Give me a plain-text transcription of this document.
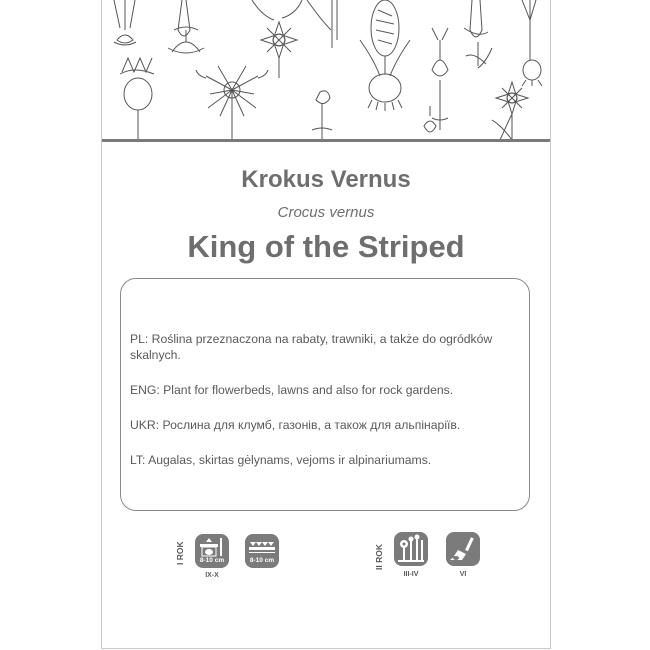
Krokus Vernus
Crocus vernus
King of the Striped

PL: Roślina przeznaczona na rabaty, trawniki, a także do ogródków skalnych.

ENG: Plant for flowerbeds, lawns and also for rock gardens.

UKR: Рослина для клумб, газонів, а також для альпінаріїв.

LT: Augalas, skirtas gėlynams, vejoms ir alpinariumams.

I ROK	8-10 cm	8-10 cm
IX-X
II ROK
III-IV	VI
